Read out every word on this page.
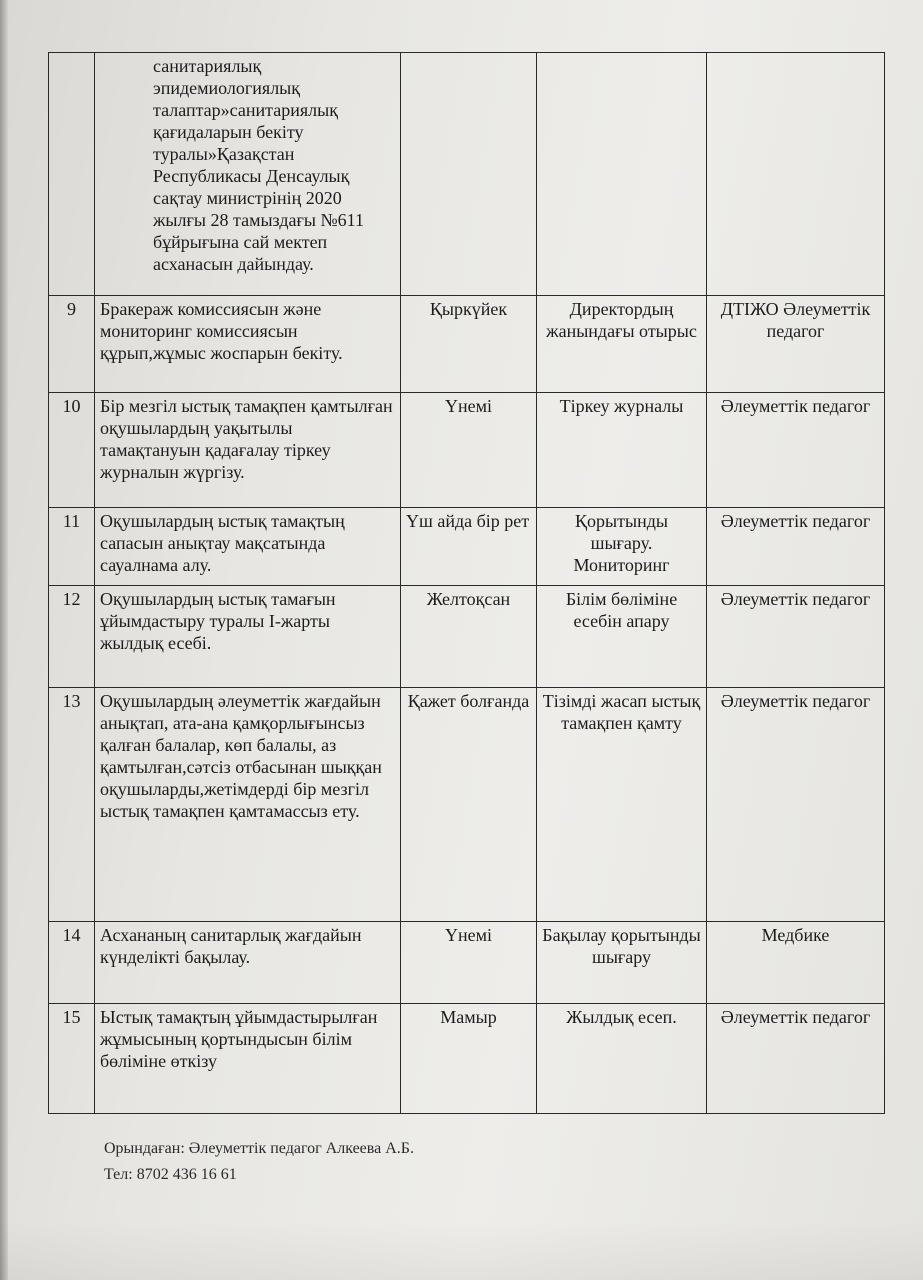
	санитариялық эпидемиологиялық талаптар»санитариялық қағидаларын бекіту туралы»Қазақстан Республикасы Денсаулық сақтау министрінің 2020 жылғы 28 тамыздағы №611 бұйрығына сай мектеп асханасын дайындау.			
9	Бракераж комиссиясын және мониторинг комиссиясын құрып,жұмыс жоспарын бекіту.	Қыркүйек	Директордың жанындағы отырыс	ДТІЖО Әлеуметтік педагог
10	Бір мезгіл ыстық тамақпен қамтылған оқушылардың уақытылы тамақтануын қадағалау тіркеу журналын жүргізу.	Үнемі	Тіркеу журналы	Әлеуметтік педагог
11	Оқушылардың ыстық тамақтың сапасын анықтау мақсатында сауалнама алу.	Үш айда бір рет	Қорытынды шығару. Мониторинг	Әлеуметтік педагог
12	Оқушылардың ыстық тамағын ұйымдастыру туралы І-жарты жылдық есебі.	Желтоқсан	Білім бөліміне есебін апару	Әлеуметтік педагог
13	Оқушылардың әлеуметтік жағдайын анықтап, ата-ана қамқорлығынсыз қалған балалар, көп балалы, аз қамтылған,сәтсіз отбасынан шыққан оқушыларды,жетімдерді бір мезгіл ыстық тамақпен қамтамассыз ету.	Қажет болғанда	Тізімді жасап ыстық тамақпен қамту	Әлеуметтік педагог
14	Асхананың санитарлық жағдайын күнделікті бақылау.	Үнемі	Бақылау қорытынды шығару	Медбике
15	Ыстық тамақтың ұйымдастырылған жұмысының қортындысын білім бөліміне өткізу	Мамыр	Жылдық есеп.	Әлеуметтік педагог
Орындаған: Әлеуметтік педагог Алкеева А.Б.
Тел: 8702 436 16 61
